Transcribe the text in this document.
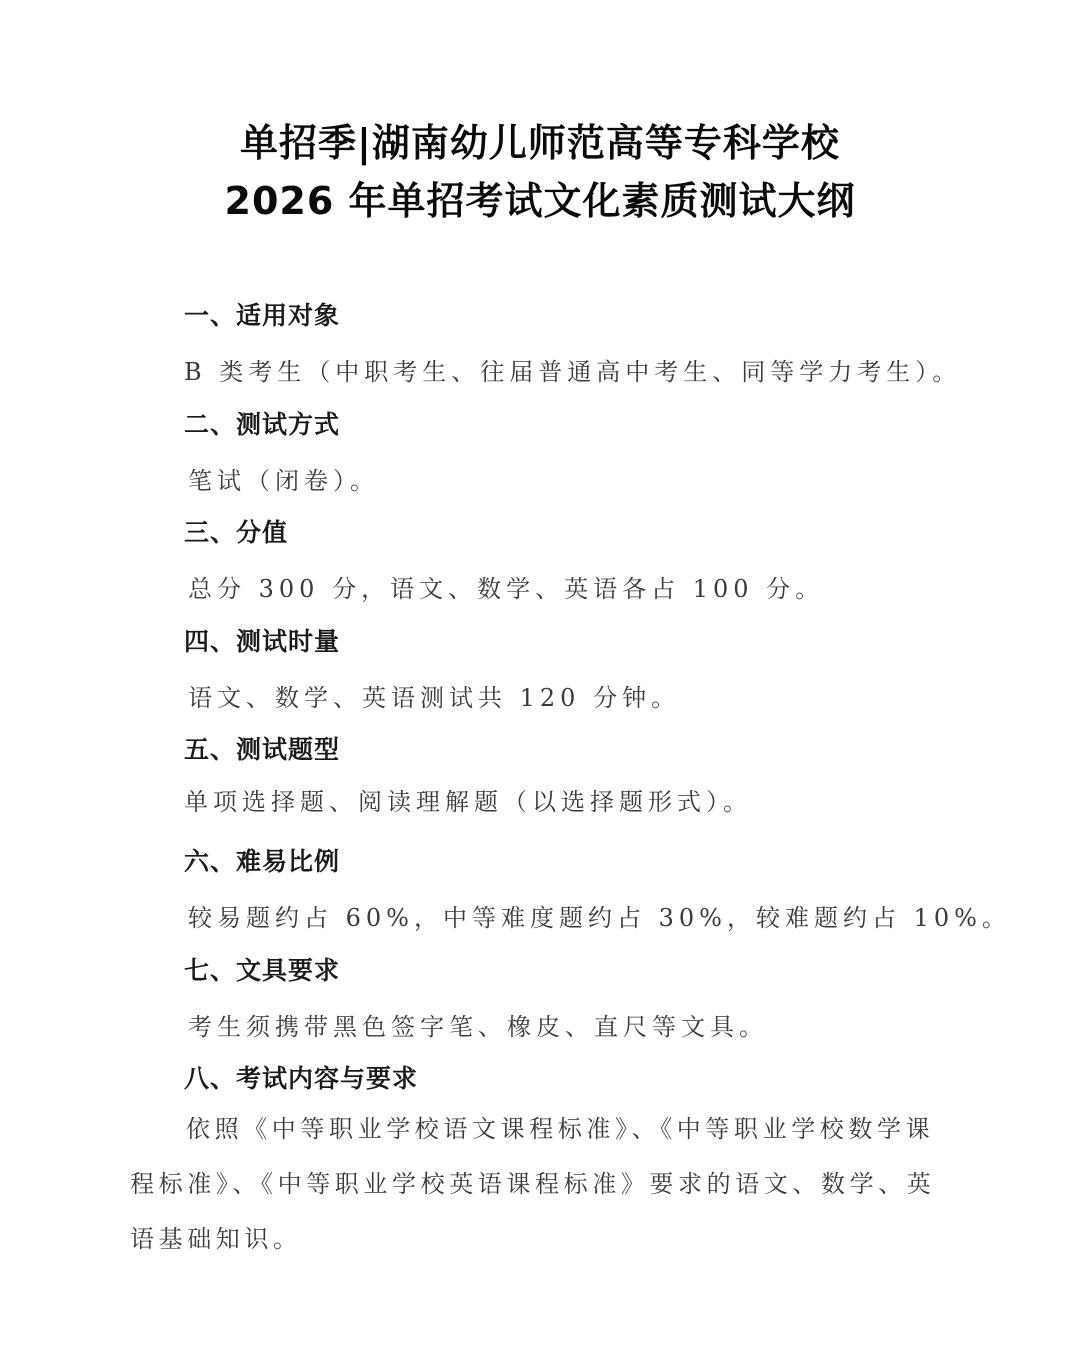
单招季|湖南幼儿师范高等专科学校
2026 年单招考试文化素质测试大纲
一、适用对象
B 类考生（中职考生、往届普通高中考生、同等学力考生）。
二、测试方式
笔试（闭卷）。
三、分值
总分 300 分，语文、数学、英语各占 100 分。
四、测试时量
语文、数学、英语测试共 120 分钟。
五、测试题型
单项选择题、阅读理解题（以选择题形式）。
六、难易比例
较易题约占 60%，中等难度题约占 30%，较难题约占 10%。
七、文具要求
考生须携带黑色签字笔、橡皮、直尺等文具。
八、考试内容与要求
依照《中等职业学校语文课程标准》、《中等职业学校数学课程标准》、《中等职业学校英语课程标准》要求的语文、数学、英语基础知识。
